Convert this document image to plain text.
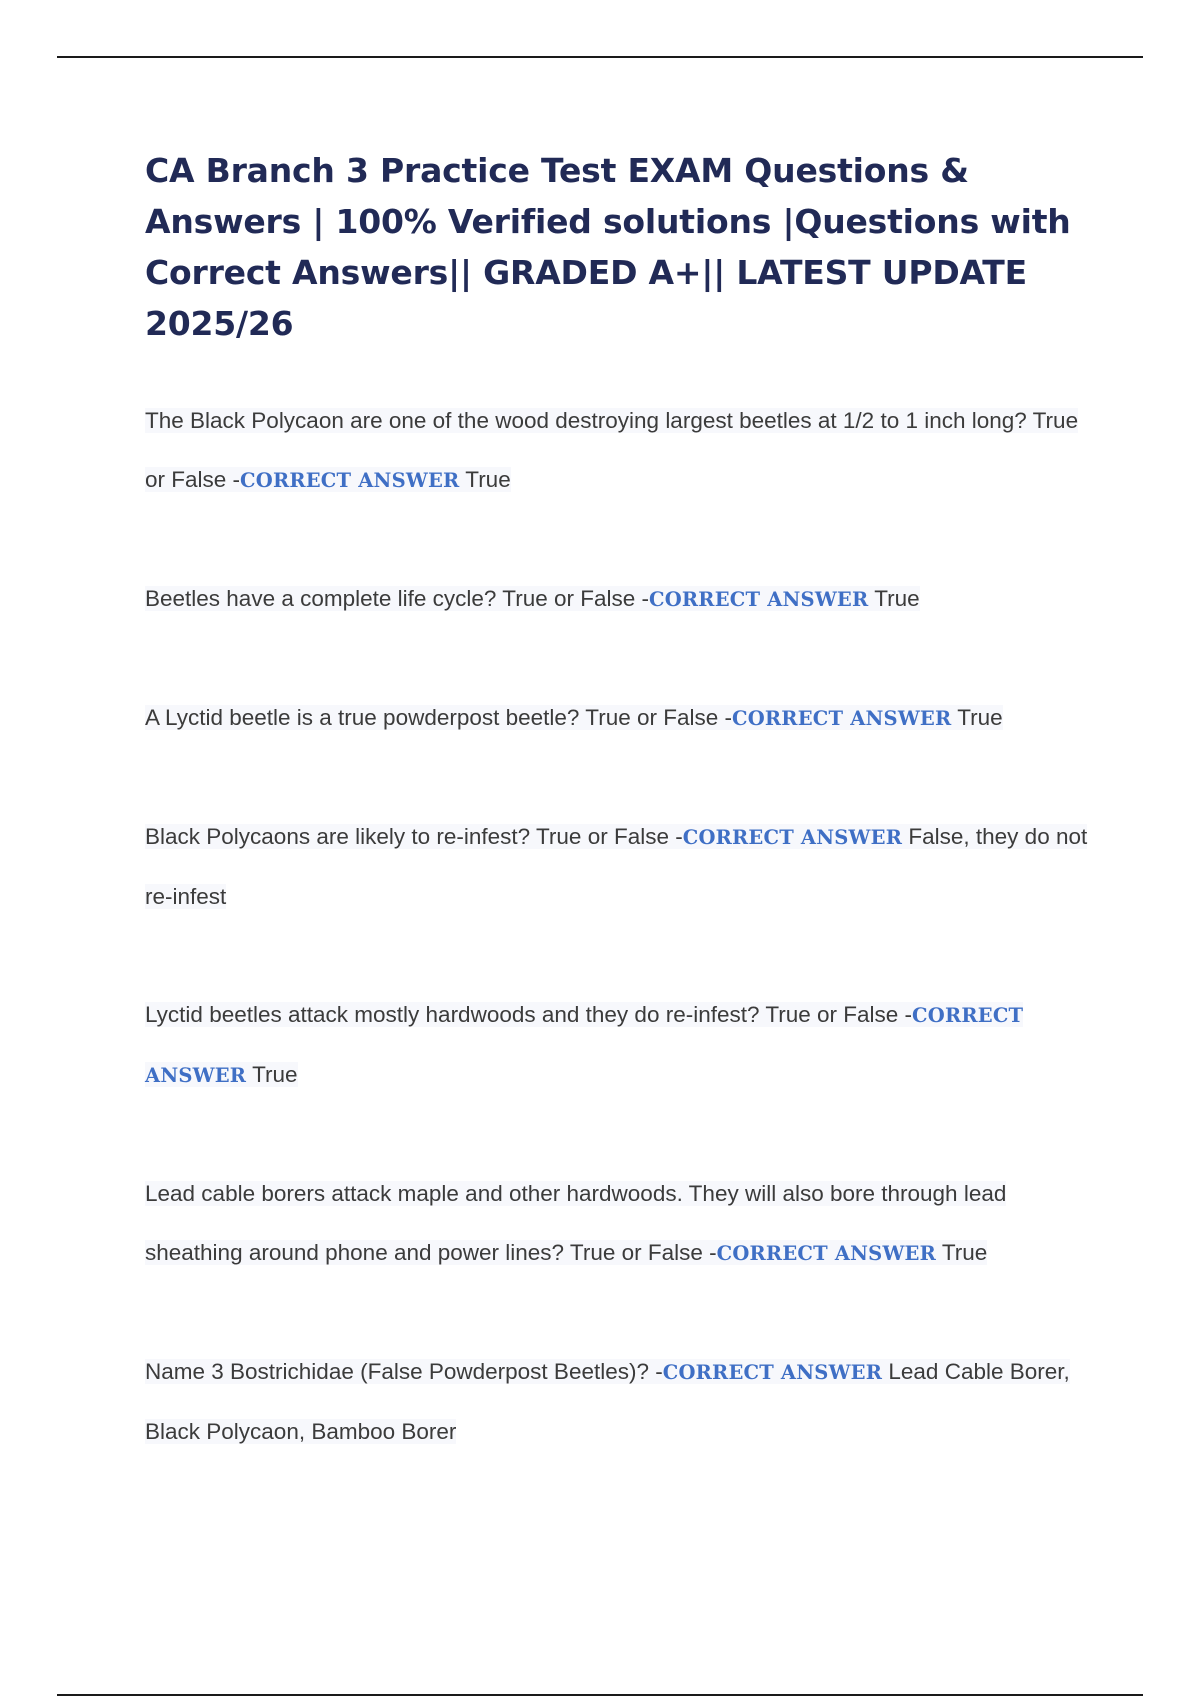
CA Branch 3 Practice Test EXAM Questions & Answers | 100% Verified solutions |Questions with Correct Answers|| GRADED A+|| LATEST UPDATE 2025/26

The Black Polycaon are one of the wood destroying largest beetles at 1/2 to 1 inch long? True or False -CORRECT ANSWER True

Beetles have a complete life cycle? True or False -CORRECT ANSWER True

A Lyctid beetle is a true powderpost beetle? True or False -CORRECT ANSWER True

Black Polycaons are likely to re-infest? True or False -CORRECT ANSWER False, they do not re-infest

Lyctid beetles attack mostly hardwoods and they do re-infest? True or False -CORRECT ANSWER True

Lead cable borers attack maple and other hardwoods. They will also bore through lead sheathing around phone and power lines? True or False -CORRECT ANSWER True

Name 3 Bostrichidae (False Powderpost Beetles)? -CORRECT ANSWER Lead Cable Borer, Black Polycaon, Bamboo Borer
